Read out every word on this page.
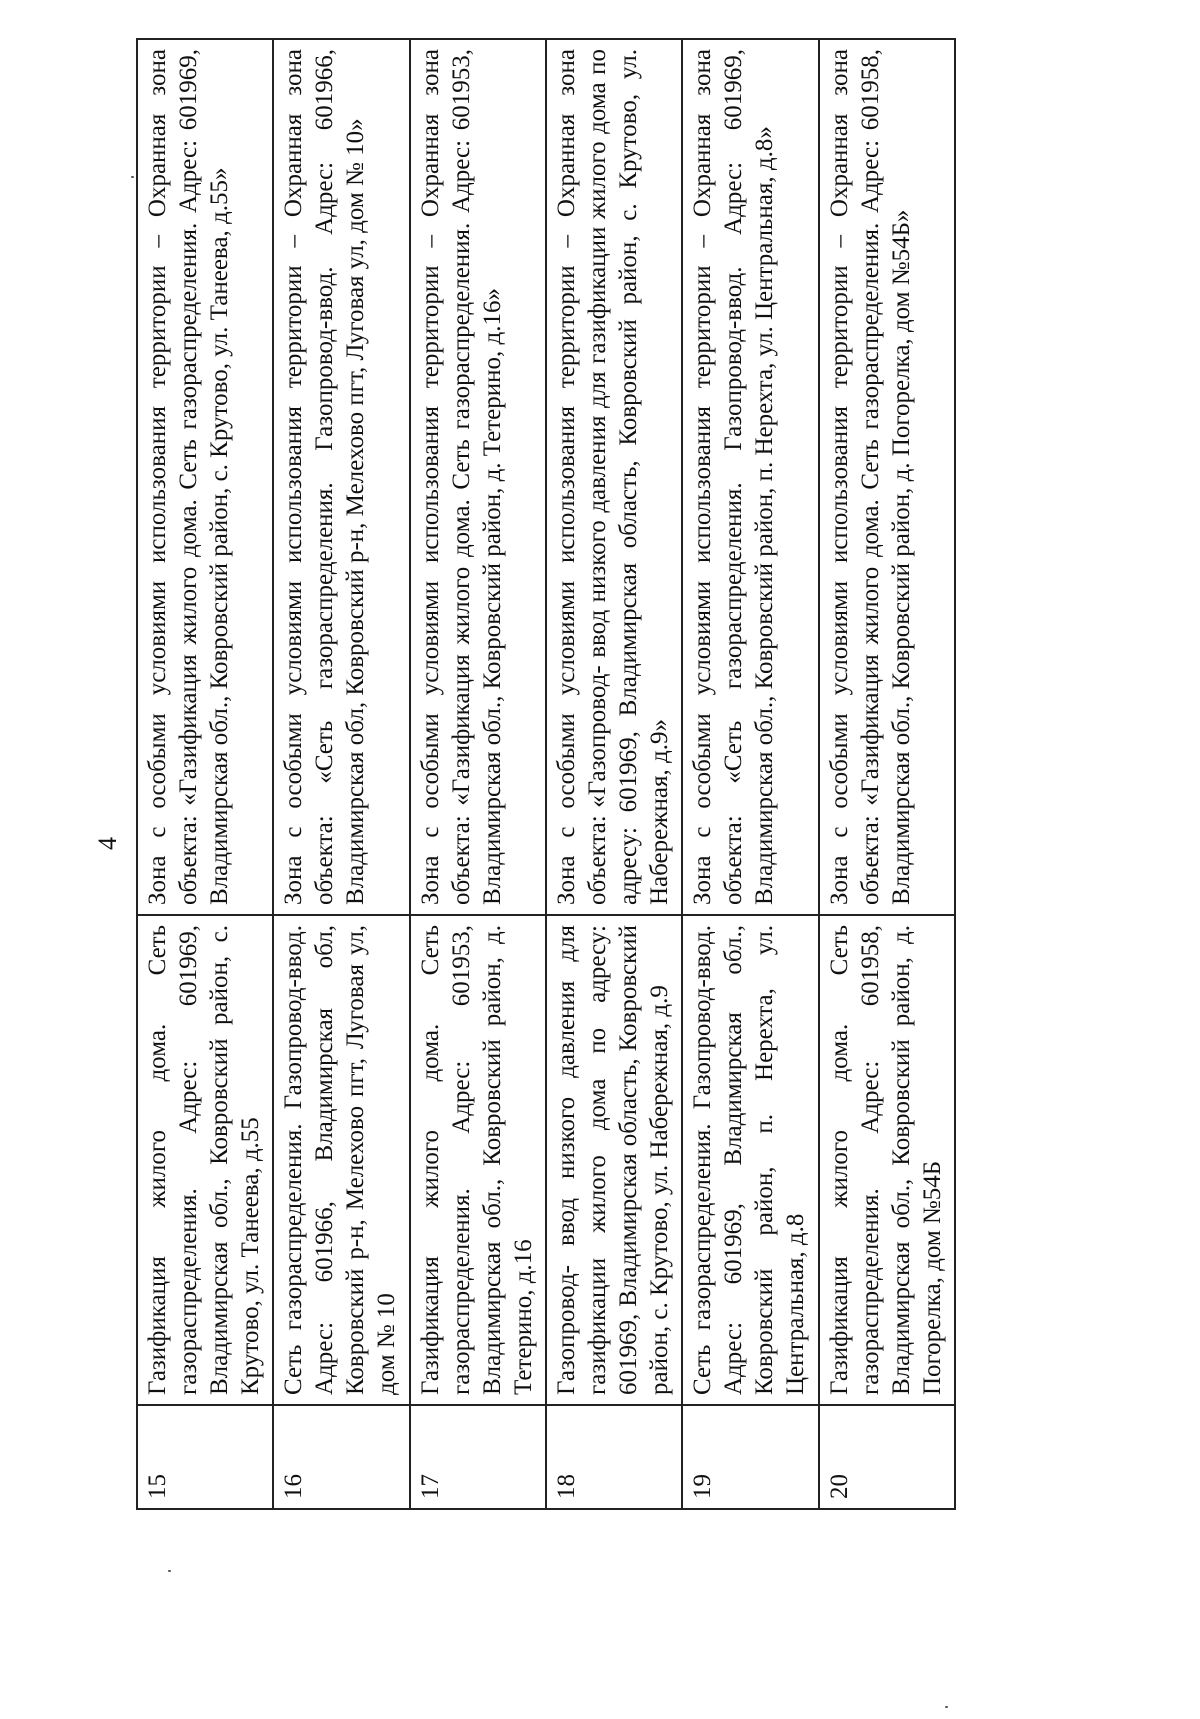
4
15	Газификация жилого дома. Сеть газораспределения. Адрес: 601969, Владимирская обл., Ковровский район, с. Крутово, ул. Танеева, д.55	Зона с особыми условиями использования территории – Охранная зона объекта: «Газификация жилого дома. Сеть газораспределения. Адрес: 601969, Владимирская обл., Ковровский район, с. Крутово, ул. Танеева, д.55»
16	Сеть газораспределения. Газопровод-ввод. Адрес: 601966, Владимирская обл, Ковровский р-н, Мелехово пгт, Луговая ул, дом № 10	Зона с особыми условиями использования территории – Охранная зона объекта: «Сеть газораспределения. Газопровод-ввод. Адрес: 601966, Владимирская обл, Ковровский р-н, Мелехово пгт, Луговая ул, дом № 10»
17	Газификация жилого дома. Сеть газораспределения. Адрес: 601953, Владимирская обл., Ковровский район, д. Тетерино, д.16	Зона с особыми условиями использования территории – Охранная зона объекта: «Газификация жилого дома. Сеть газораспределения. Адрес: 601953, Владимирская обл., Ковровский район, д. Тетерино, д.16»
18	Газопровод- ввод низкого давления для газификации жилого дома по адресу: 601969, Владимирская область, Ковровский район, с. Крутово, ул. Набережная, д.9	Зона с особыми условиями использования территории – Охранная зона объекта: «Газопровод- ввод низкого давления для газификации жилого дома по адресу: 601969, Владимирская область, Ковровский район, с. Крутово, ул. Набережная, д.9»
19	Сеть газораспределения. Газопровод-ввод. Адрес: 601969, Владимирская обл., Ковровский район, п. Нерехта, ул. Центральная, д.8	Зона с особыми условиями использования территории – Охранная зона объекта: «Сеть газораспределения. Газопровод-ввод. Адрес: 601969, Владимирская обл., Ковровский район, п. Нерехта, ул. Центральная, д.8»
20	Газификация жилого дома. Сеть газораспределения. Адрес: 601958, Владимирская обл., Ковровский район, д. Погорелка, дом №54Б	Зона с особыми условиями использования территории – Охранная зона объекта: «Газификация жилого дома. Сеть газораспределения. Адрес: 601958, Владимирская обл., Ковровский район, д. Погорелка, дом №54Б»
